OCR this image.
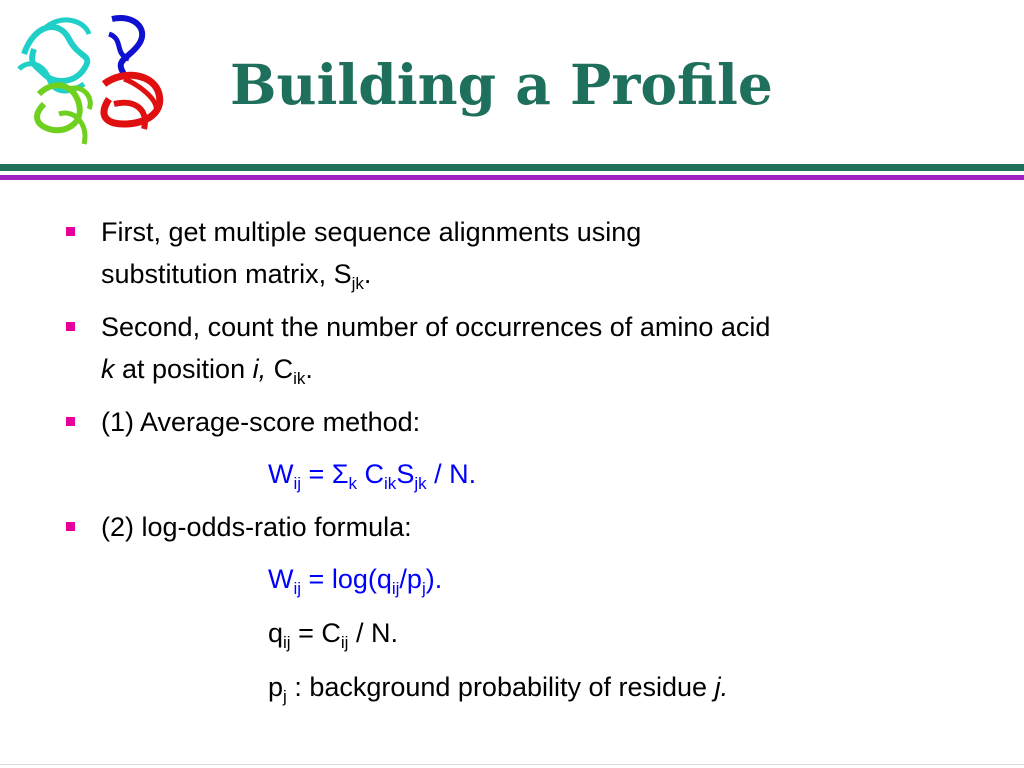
Building a Profile
First, get multiple sequence alignments using
substitution matrix, $S_{jk}$.
Second, count the number of occurrences of amino acid
k at position i, $C_{ik}$.
(1) Average-score method:
$W_{ij} = \Sigma_k$ $C_{ik}S_{jk}$ / N.
(2) log-odds-ratio formula:
$W_{ij} = \log(q_{ij}/p_j)$.
$q_{ij} = C_{ij} / N$.
$p_j$ : background probability of residue j.
